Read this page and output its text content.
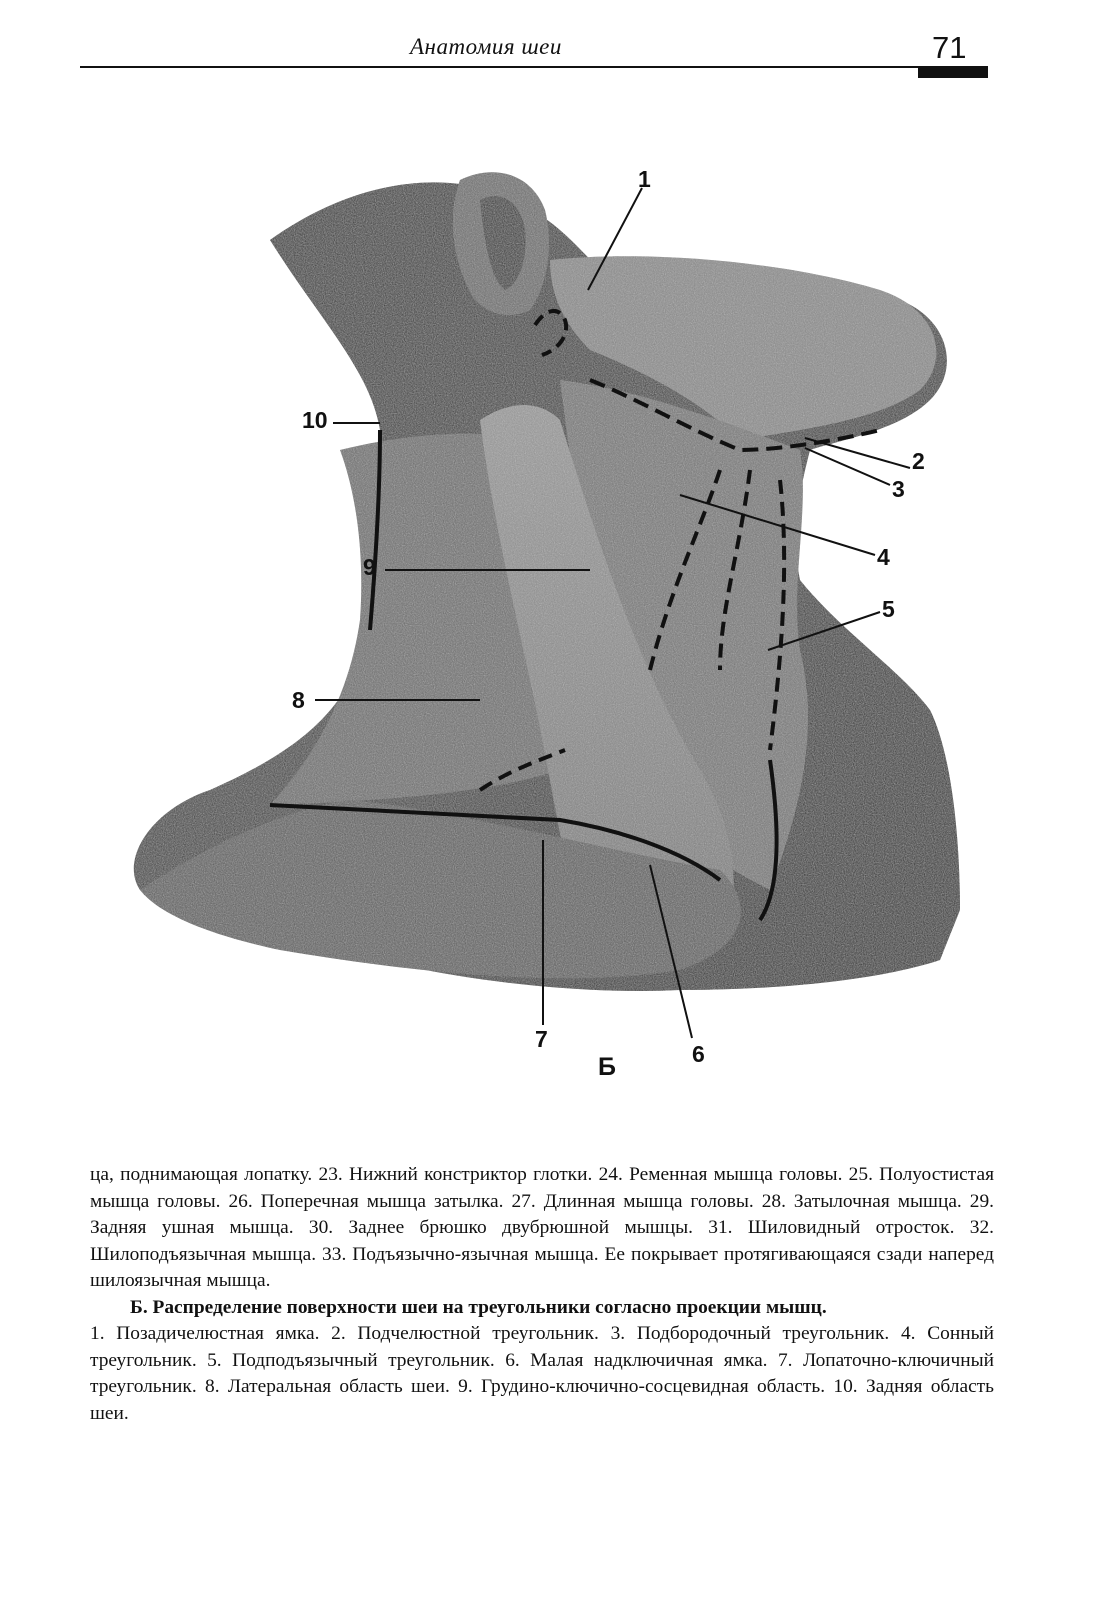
Анатомия шеи	71
1
2
3
4
5
6
7
8
9
10
Б

ца, поднимающая лопатку. 23. Нижний констриктор глотки. 24. Ременная мышца головы. 25. Полуостистая мышца головы. 26. Поперечная мышца затылка. 27. Длинная мышца головы. 28. Затылочная мышца. 29. Задняя ушная мышца. 30. Заднее брюшко двубрюшной мышцы. 31. Шиловидный отросток. 32. Шилоподъязычная мышца. 33. Подъязычно-язычная мышца. Ее покрывает протягивающаяся сзади наперед шилоязычная мышца.

Б. Распределение поверхности шеи на треугольники согласно проекции мышц.

1. Позадичелюстная ямка. 2. Подчелюстной треугольник. 3. Подбородочный треугольник. 4. Сонный треугольник. 5. Подподъязычный треугольник. 6. Малая надключичная ямка. 7. Лопаточно-ключичный треугольник. 8. Латеральная область шеи. 9. Грудино-ключично-сосцевидная область. 10. Задняя область шеи.
